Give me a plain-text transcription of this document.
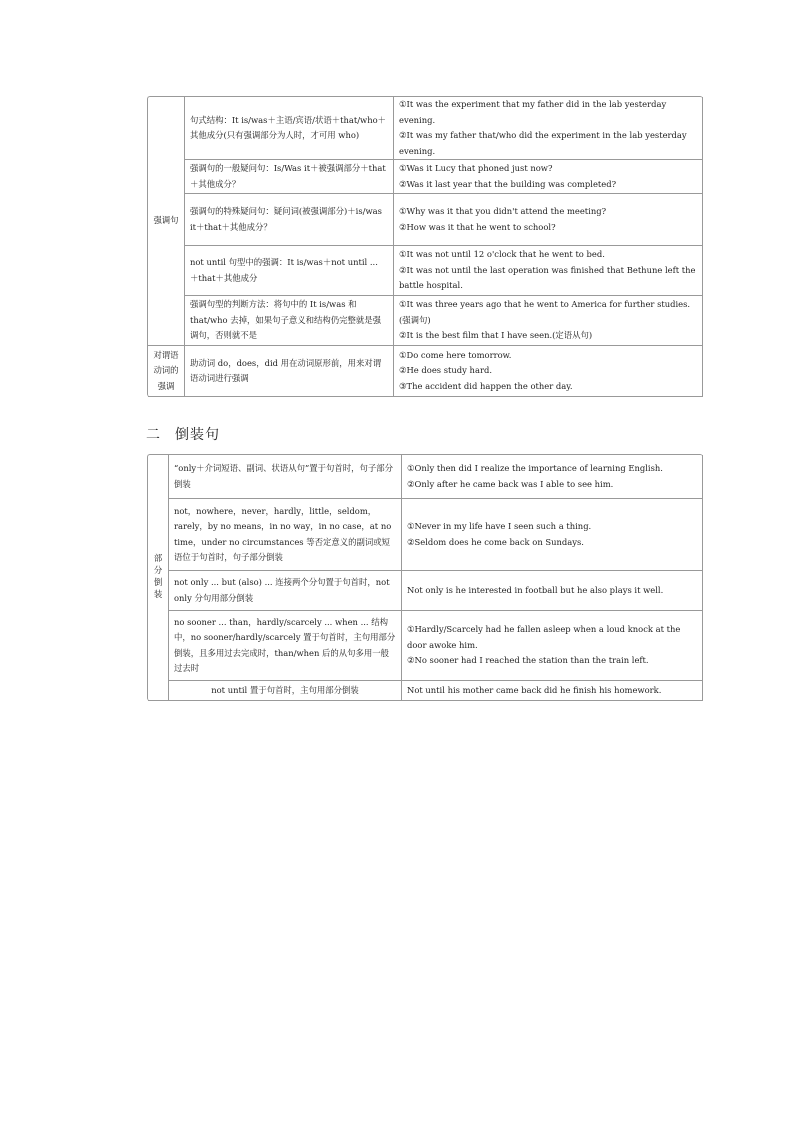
强调句	句式结构：It is/was＋主语/宾语/状语＋that/who＋其他成分(只有强调部分为人时，才可用 who)	①It was the experiment that my father did in the lab yesterday evening.
②It was my father that/who did the experiment in the lab yesterday evening.

	强调句的一般疑问句：Is/Was it＋被强调部分＋that＋其他成分？	①Was it Lucy that phoned just now?
②Was it last year that the building was completed?

	强调句的特殊疑问句：疑问词(被强调部分)＋is/was it＋that＋其他成分？	①Why was it that you didn't attend the meeting?
②How was it that he went to school?

	not until 句型中的强调：It is/was＋not until ... ＋that＋其他成分	①It was not until 12 o'clock that he went to bed.
②It was not until the last operation was finished that Bethune left the battle hospital.

	强调句型的判断方法：将句中的 It is/was 和 that/who 去掉，如果句子意义和结构仍完整就是强调句，否则就不是	①It was three years ago that he went to America for further studies.(强调句)
②It is the best film that I have seen.(定语从句)

对谓语动词的强调	助动词 do，does，did 用在动词原形前，用来对谓语动词进行强调	①Do come here tomorrow.
②He does study hard.
③The accident did happen the other day.
二 倒装句
部分倒装	“only＋介词短语、副词、状语从句”置于句首时，句子部分倒装	①Only then did I realize the importance of learning English.
②Only after he came back was I able to see him.

	not，nowhere，never，hardly，little，seldom，rarely，by no means，in no way，in no case，at no time，under no circumstances 等否定意义的副词或短语位于句首时，句子部分倒装	①Never in my life have I seen such a thing.
②Seldom does he come back on Sundays.

	not only ... but (also) ... 连接两个分句置于句首时，not only 分句用部分倒装	Not only is he interested in football but he also plays it well.

	no sooner ... than，hardly/scarcely ... when ... 结构中，no sooner/hardly/scarcely 置于句首时，主句用部分倒装，且多用过去完成时，than/when 后的从句多用一般过去时	①Hardly/Scarcely had he fallen asleep when a loud knock at the door awoke him.
②No sooner had I reached the station than the train left.

	not until 置于句首时，主句用部分倒装	Not until his mother came back did he finish his homework.
